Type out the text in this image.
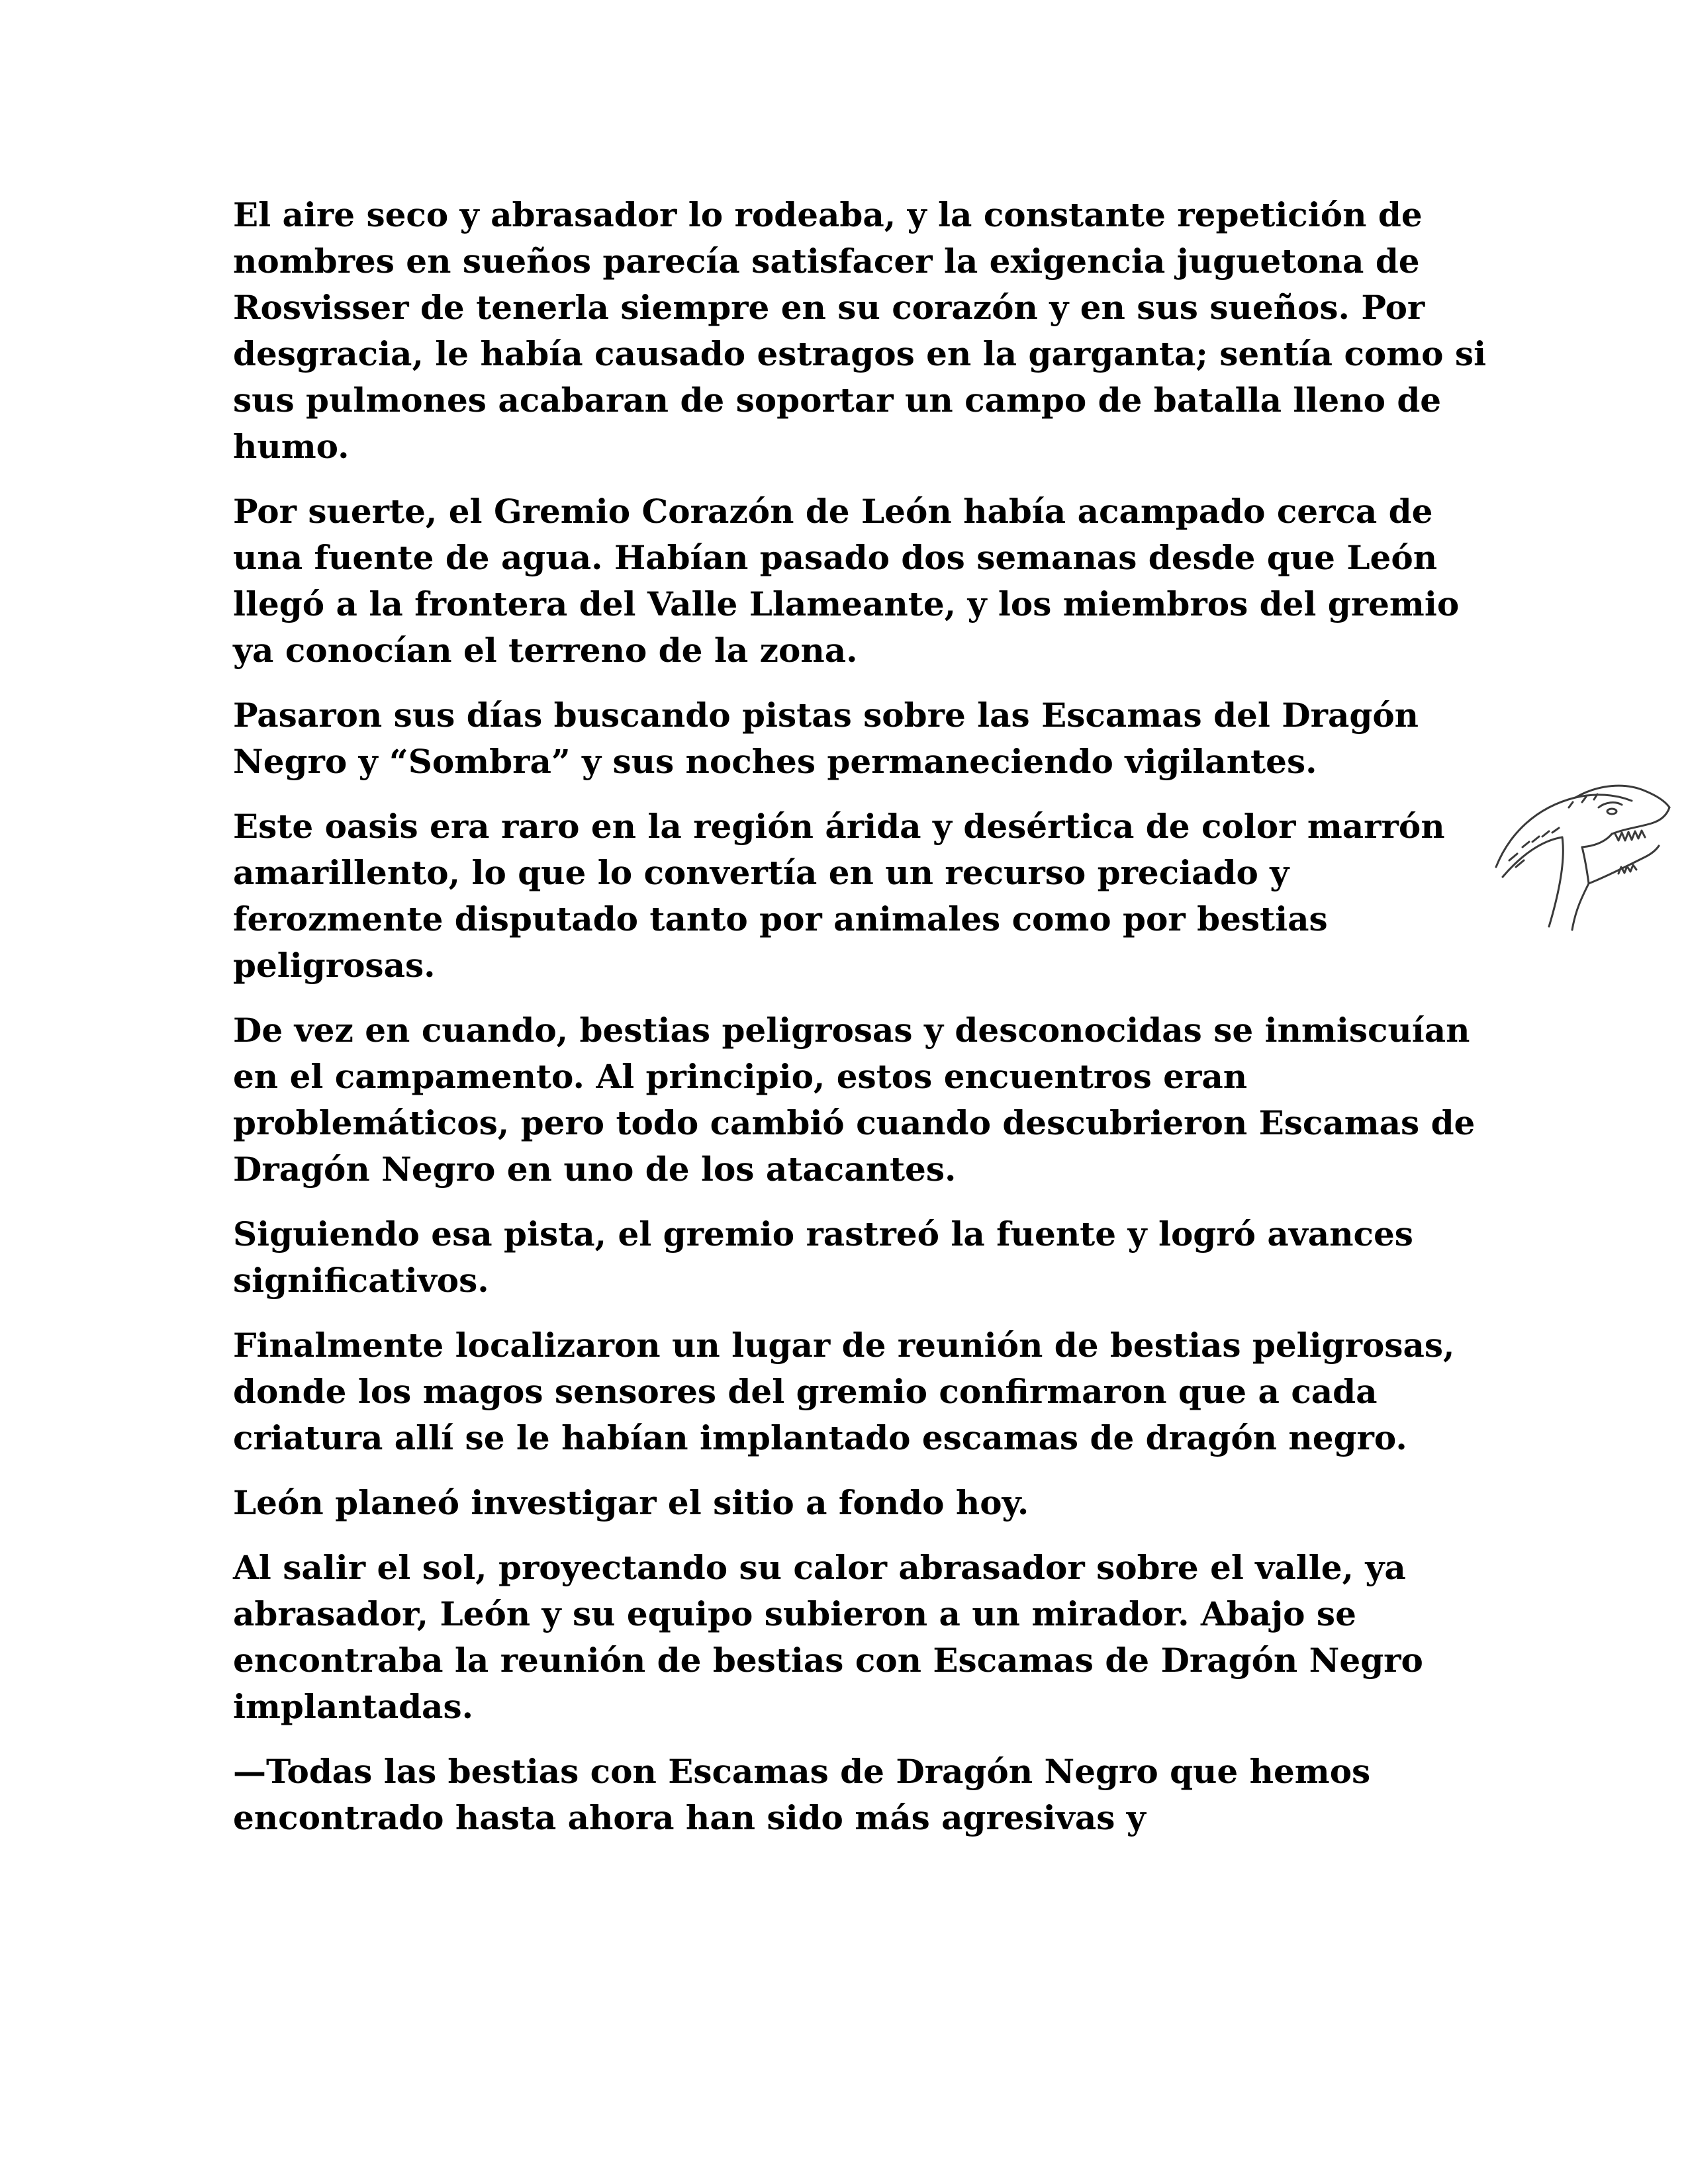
El aire seco y abrasador lo rodeaba, y la constante repetición de nombres en sueños parecía satisfacer la exigencia juguetona de Rosvisser de tenerla siempre en su corazón y en sus sueños. Por desgracia, le había causado estragos en la garganta; sentía como si sus pulmones acabaran de soportar un campo de batalla lleno de humo.

Por suerte, el Gremio Corazón de León había acampado cerca de una fuente de agua. Habían pasado dos semanas desde que León llegó a la frontera del Valle Llameante, y los miembros del gremio ya conocían el terreno de la zona.

Pasaron sus días buscando pistas sobre las Escamas del Dragón Negro y “Sombra” y sus noches permaneciendo vigilantes.

Este oasis era raro en la región árida y desértica de color marrón amarillento, lo que lo convertía en un recurso preciado y ferozmente disputado tanto por animales como por bestias peligrosas.

De vez en cuando, bestias peligrosas y desconocidas se inmiscuían en el campamento. Al principio, estos encuentros eran problemáticos, pero todo cambió cuando descubrieron Escamas de Dragón Negro en uno de los atacantes.

Siguiendo esa pista, el gremio rastreó la fuente y logró avances significativos.

Finalmente localizaron un lugar de reunión de bestias peligrosas, donde los magos sensores del gremio confirmaron que a cada criatura allí se le habían implantado escamas de dragón negro.

León planeó investigar el sitio a fondo hoy.

Al salir el sol, proyectando su calor abrasador sobre el valle, ya abrasador, León y su equipo subieron a un mirador. Abajo se encontraba la reunión de bestias con Escamas de Dragón Negro implantadas.

—Todas las bestias con Escamas de Dragón Negro que hemos encontrado hasta ahora han sido más agresivas y
